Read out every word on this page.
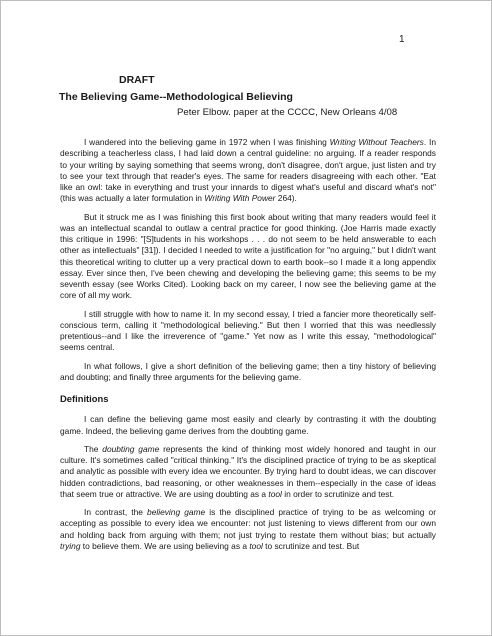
1
DRAFT
The Believing Game--Methodological Believing
Peter Elbow. paper at the CCCC, New Orleans 4/08

I wandered into the believing game in 1972 when I was finishing Writing Without Teachers. In describing a teacherless class, I had laid down a central guideline: no arguing. If a reader responds to your writing by saying something that seems wrong, don't disagree, don't argue, just listen and try to see your text through that reader's eyes. The same for readers disagreeing with each other. "Eat like an owl: take in everything and trust your innards to digest what's useful and discard what's not" (this was actually a later formulation in Writing With Power 264).

But it struck me as I was finishing this first book about writing that many readers would feel it was an intellectual scandal to outlaw a central practice for good thinking. (Joe Harris made exactly this critique in 1996: "[S]tudents in his workshops . . . do not seem to be held answerable to each other as intellectuals" [31]). I decided I needed to write a justification for "no arguing," but I didn't want this theoretical writing to clutter up a very practical down to earth book--so I made it a long appendix essay. Ever since then, I've been chewing and developing the believing game; this seems to be my seventh essay (see Works Cited). Looking back on my career, I now see the believing game at the core of all my work.

I still struggle with how to name it. In my second essay, I tried a fancier more theoretically self-conscious term, calling it "methodological believing." But then I worried that this was needlessly pretentious--and I like the irreverence of "game." Yet now as I write this essay, "methodological" seems central.

In what follows, I give a short definition of the believing game; then a tiny history of believing and doubting; and finally three arguments for the believing game.

Definitions

I can define the believing game most easily and clearly by contrasting it with the doubting game. Indeed, the believing game derives from the doubting game.

The doubting game represents the kind of thinking most widely honored and taught in our culture. It's sometimes called "critical thinking." It's the disciplined practice of trying to be as skeptical and analytic as possible with every idea we encounter. By trying hard to doubt ideas, we can discover hidden contradictions, bad reasoning, or other weaknesses in them--especially in the case of ideas that seem true or attractive. We are using doubting as a tool in order to scrutinize and test.

In contrast, the believing game is the disciplined practice of trying to be as welcoming or accepting as possible to every idea we encounter: not just listening to views different from our own and holding back from arguing with them; not just trying to restate them without bias; but actually trying to believe them. We are using believing as a tool to scrutinize and test. But
